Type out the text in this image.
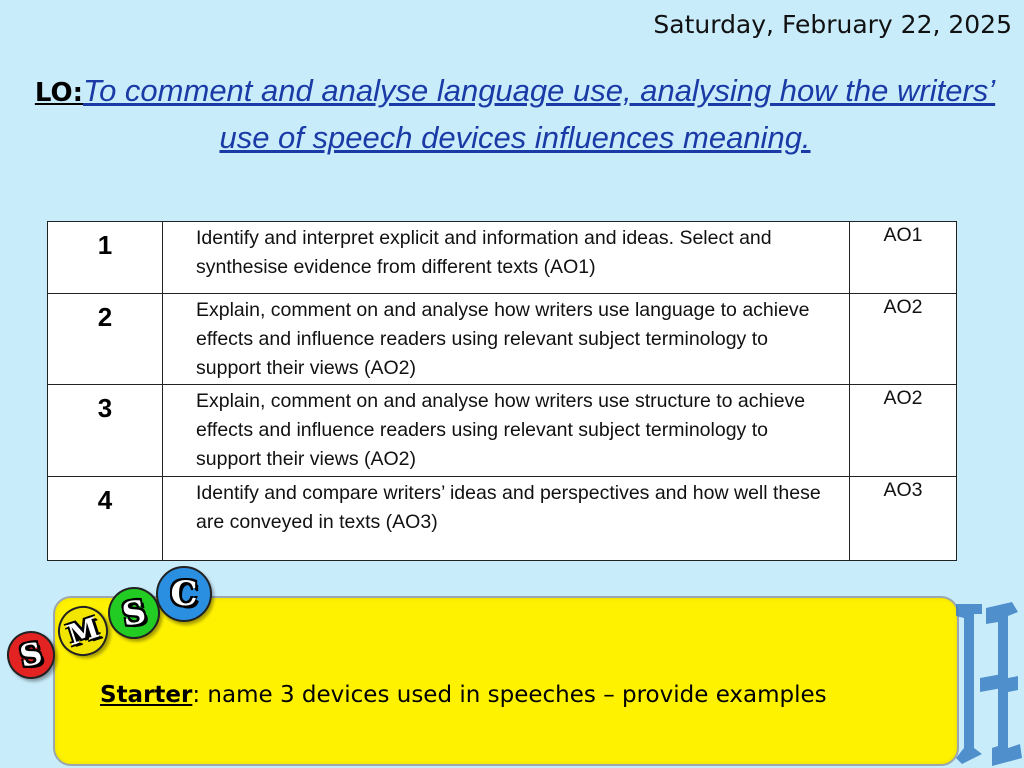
Saturday, February 22, 2025
LO:To comment and analyse language use, analysing how the writers’ use of speech devices influences meaning.
1	Identify and interpret explicit and information and ideas. Select and synthesise evidence from different texts (AO1)	AO1
2	Explain, comment on and analyse how writers use language to achieve effects and influence readers using relevant subject terminology to support their views (AO2)	AO2
3	Explain, comment on and analyse how writers use structure to achieve effects and influence readers using relevant subject terminology to support their views (AO2)	AO2
4	Identify and compare writers’ ideas and perspectives and how well these are conveyed in texts (AO3)	AO3
S
M S C
Starter: name 3 devices used in speeches – provide examples
